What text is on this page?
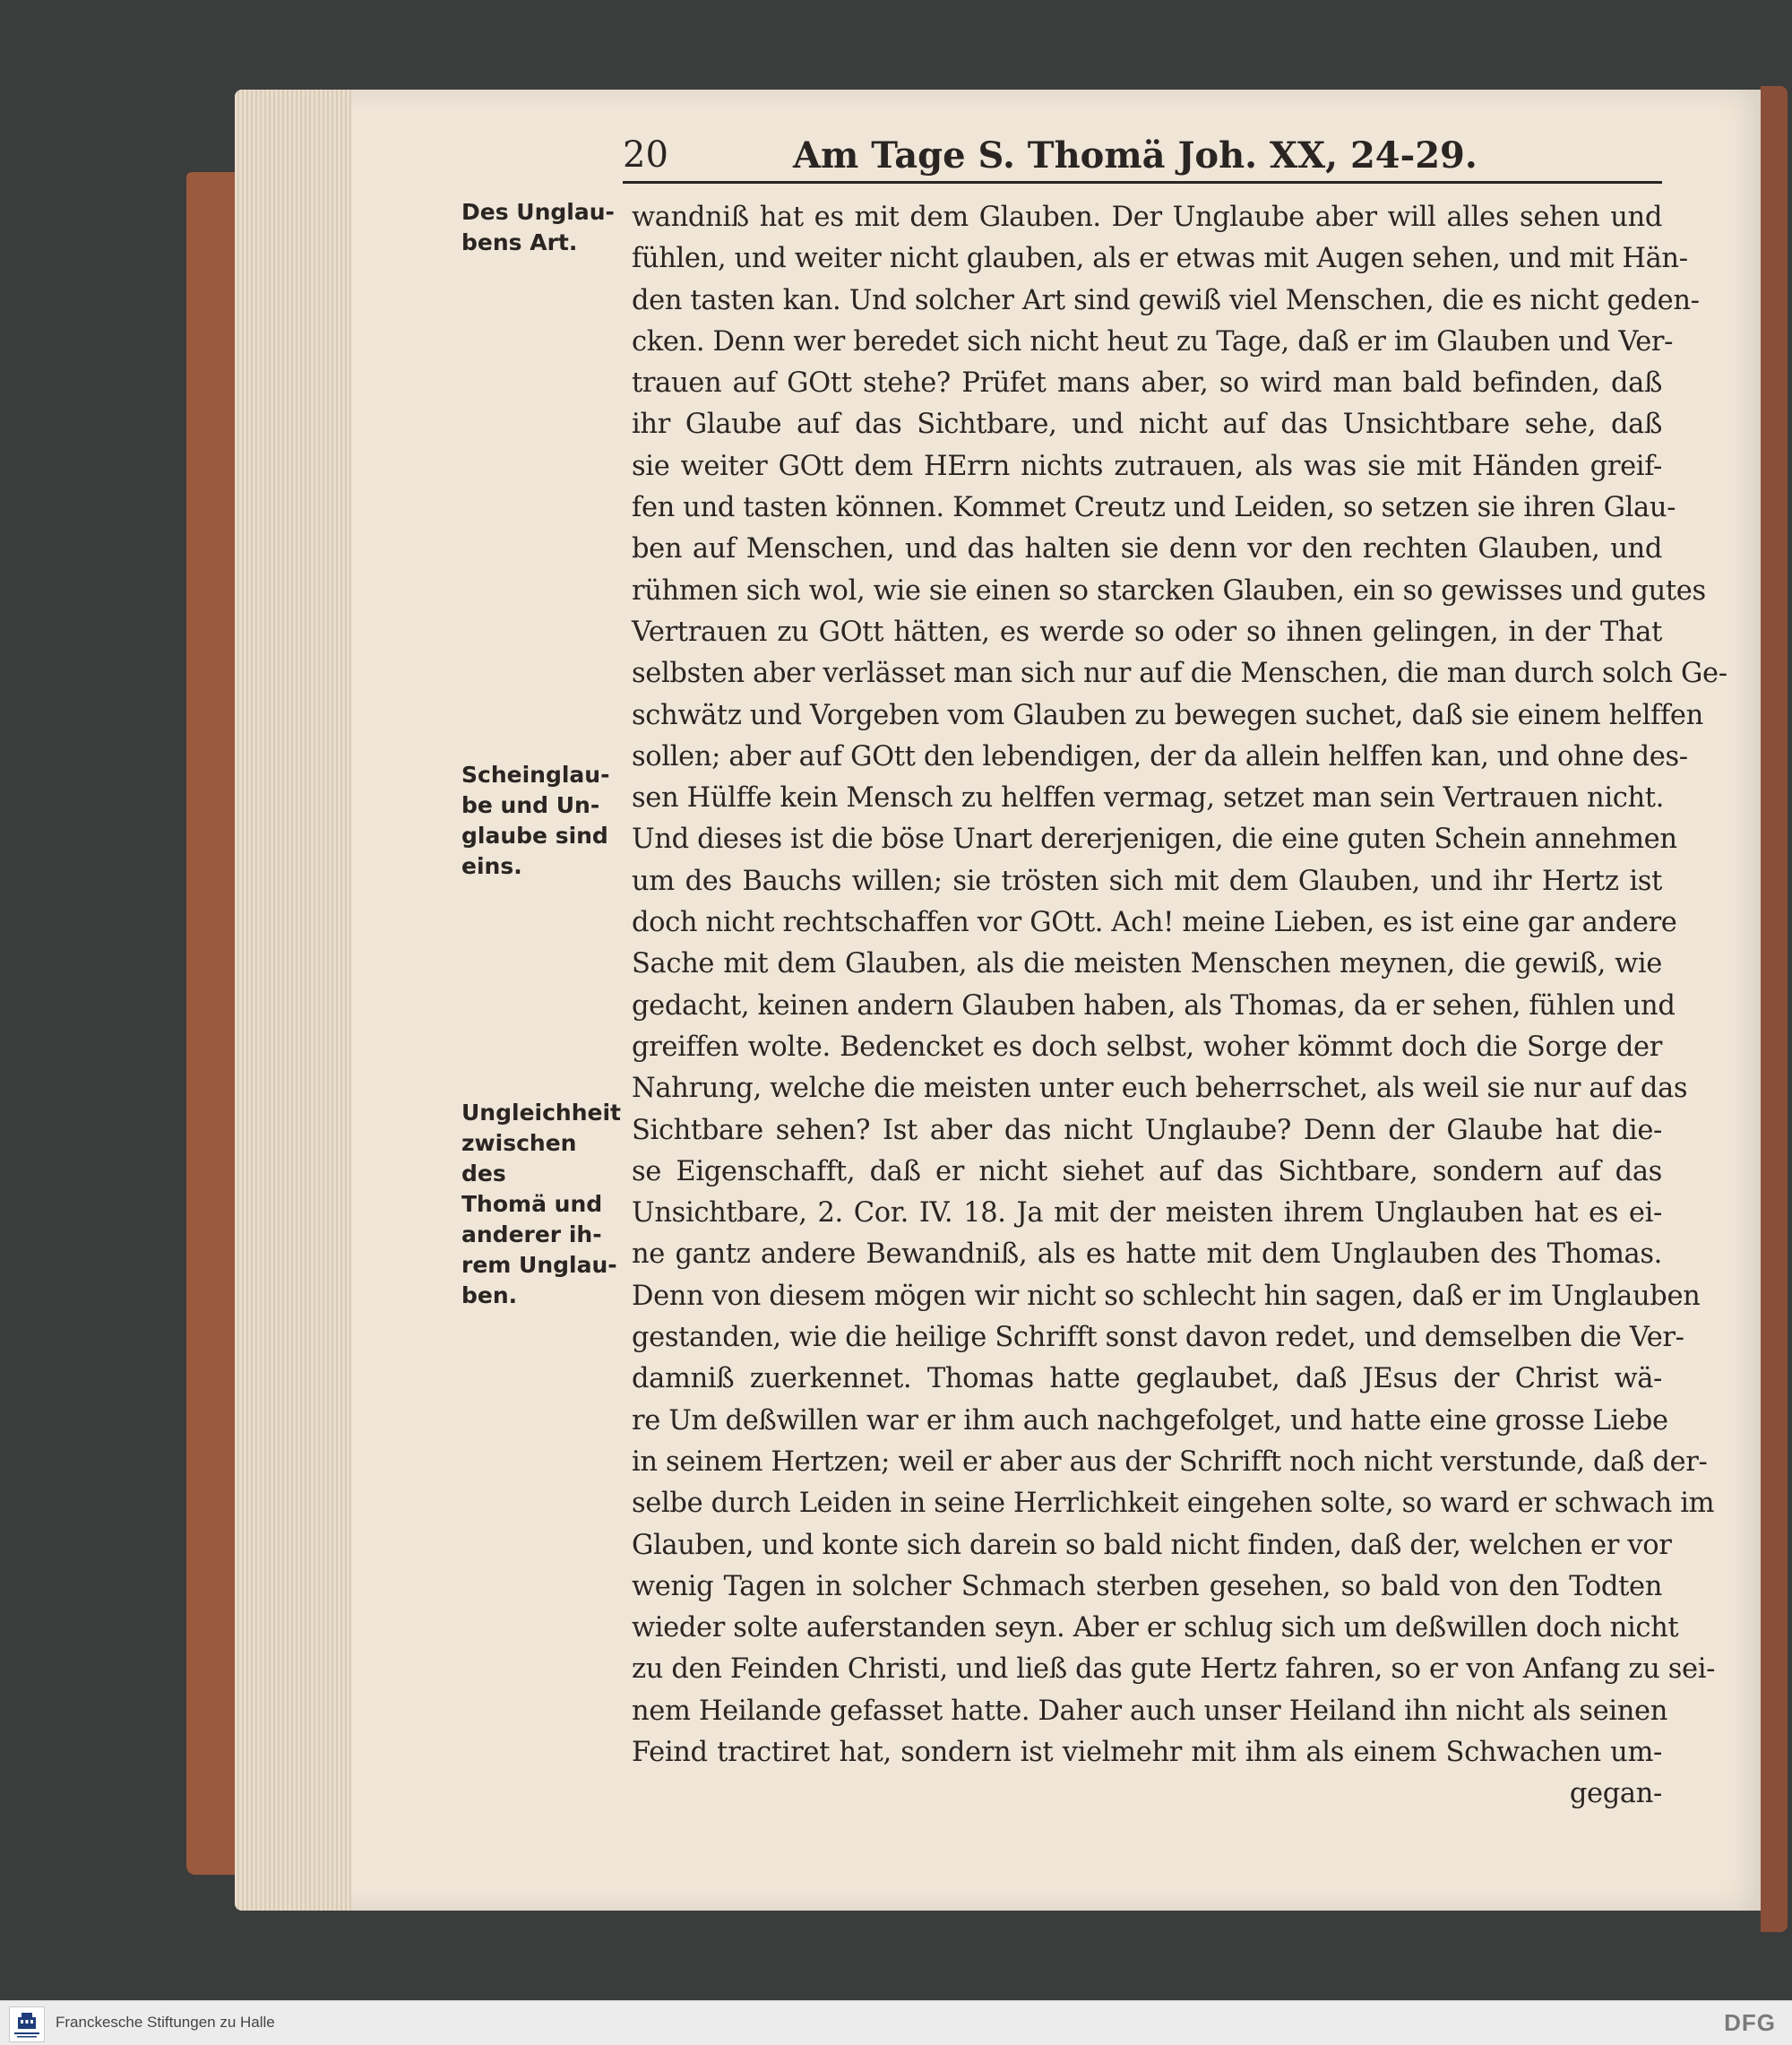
20	Am Tage S. Thomä Joh. XX, 24-29.
Des Unglau-
bens Art.
Scheinglau-
be und Un-
glaube sind
eins.
Ungleichheit
zwischen des
Thomä und
anderer ih-
rem Unglau-
ben.
wandniß hat es mit dem Glauben. Der Unglaube aber will alles sehen und
fühlen, und weiter nicht glauben, als er etwas mit Augen sehen, und mit Hän-
den tasten kan. Und solcher Art sind gewiß viel Menschen, die es nicht geden-
cken. Denn wer beredet sich nicht heut zu Tage, daß er im Glauben und Ver-
trauen auf GOtt stehe? Prüfet mans aber, so wird man bald befinden, daß
ihr Glaube auf das Sichtbare, und nicht auf das Unsichtbare sehe, daß
sie weiter GOtt dem HErrn nichts zutrauen, als was sie mit Händen greif-
fen und tasten können. Kommet Creutz und Leiden, so setzen sie ihren Glau-
ben auf Menschen, und das halten sie denn vor den rechten Glauben, und
rühmen sich wol, wie sie einen so starcken Glauben, ein so gewisses und gutes
Vertrauen zu GOtt hätten, es werde so oder so ihnen gelingen, in der That
selbsten aber verlässet man sich nur auf die Menschen, die man durch solch Ge-
schwätz und Vorgeben vom Glauben zu bewegen suchet, daß sie einem helffen
sollen; aber auf GOtt den lebendigen, der da allein helffen kan, und ohne des-
sen Hülffe kein Mensch zu helffen vermag, setzet man sein Vertrauen nicht.
Und dieses ist die böse Unart dererjenigen, die eine guten Schein annehmen
um des Bauchs willen; sie trösten sich mit dem Glauben, und ihr Hertz ist
doch nicht rechtschaffen vor GOtt. Ach! meine Lieben, es ist eine gar andere
Sache mit dem Glauben, als die meisten Menschen meynen, die gewiß, wie
gedacht, keinen andern Glauben haben, als Thomas, da er sehen, fühlen und
greiffen wolte. Bedencket es doch selbst, woher kömmt doch die Sorge der
Nahrung, welche die meisten unter euch beherrschet, als weil sie nur auf das
Sichtbare sehen? Ist aber das nicht Unglaube? Denn der Glaube hat die-
se Eigenschafft, daß er nicht siehet auf das Sichtbare, sondern auf das
Unsichtbare, 2. Cor. IV. 18. Ja mit der meisten ihrem Unglauben hat es ei-
ne gantz andere Bewandniß, als es hatte mit dem Unglauben des Thomas.
Denn von diesem mögen wir nicht so schlecht hin sagen, daß er im Unglauben
gestanden, wie die heilige Schrifft sonst davon redet, und demselben die Ver-
damniß zuerkennet. Thomas hatte geglaubet, daß JEsus der Christ wä-
re Um deßwillen war er ihm auch nachgefolget, und hatte eine grosse Liebe
in seinem Hertzen; weil er aber aus der Schrifft noch nicht verstunde, daß der-
selbe durch Leiden in seine Herrlichkeit eingehen solte, so ward er schwach im
Glauben, und konte sich darein so bald nicht finden, daß der, welchen er vor
wenig Tagen in solcher Schmach sterben gesehen, so bald von den Todten
wieder solte auferstanden seyn. Aber er schlug sich um deßwillen doch nicht
zu den Feinden Christi, und ließ das gute Hertz fahren, so er von Anfang zu sei-
nem Heilande gefasset hatte. Daher auch unser Heiland ihn nicht als seinen
Feind tractiret hat, sondern ist vielmehr mit ihm als einem Schwachen um-
gegan-
Franckesche Stiftungen zu Halle	DFG
